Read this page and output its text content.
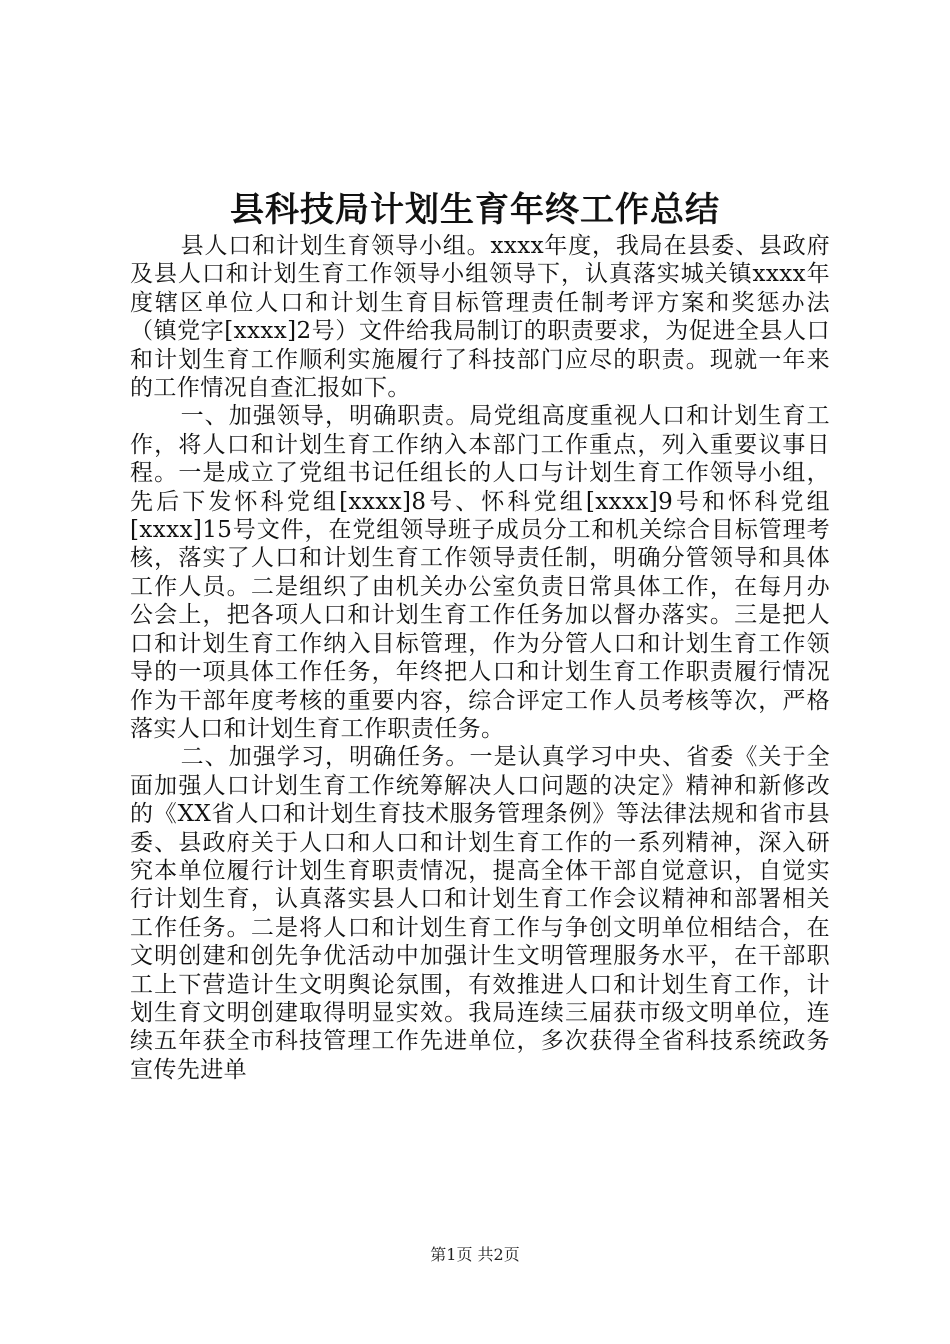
县科技局计划生育年终工作总结

县人口和计划生育领导小组。xxxx年度，我局在县委、县政府及县人口和计划生育工作领导小组领导下，认真落实城关镇xxxx年度辖区单位人口和计划生育目标管理责任制考评方案和奖惩办法（镇党字[xxxx]2号）文件给我局制订的职责要求，为促进全县人口和计划生育工作顺利实施履行了科技部门应尽的职责。现就一年来的工作情况自查汇报如下。

一、加强领导，明确职责。局党组高度重视人口和计划生育工作，将人口和计划生育工作纳入本部门工作重点，列入重要议事日程。一是成立了党组书记任组长的人口与计划生育工作领导小组，先后下发怀科党组[xxxx]8号、怀科党组[xxxx]9号和怀科党组[xxxx]15号文件，在党组领导班子成员分工和机关综合目标管理考核，落实了人口和计划生育工作领导责任制，明确分管领导和具体工作人员。二是组织了由机关办公室负责日常具体工作，在每月办公会上，把各项人口和计划生育工作任务加以督办落实。三是把人口和计划生育工作纳入目标管理，作为分管人口和计划生育工作领导的一项具体工作任务，年终把人口和计划生育工作职责履行情况作为干部年度考核的重要内容，综合评定工作人员考核等次，严格落实人口和计划生育工作职责任务。

二、加强学习，明确任务。一是认真学习中央、省委《关于全面加强人口计划生育工作统筹解决人口问题的决定》精神和新修改的《XX省人口和计划生育技术服务管理条例》等法律法规和省市县委、县政府关于人口和人口和计划生育工作的一系列精神，深入研究本单位履行计划生育职责情况，提高全体干部自觉意识，自觉实行计划生育，认真落实县人口和计划生育工作会议精神和部署相关工作任务。二是将人口和计划生育工作与争创文明单位相结合，在文明创建和创先争优活动中加强计生文明管理服务水平，在干部职工上下营造计生文明舆论氛围，有效推进人口和计划生育工作，计划生育文明创建取得明显实效。我局连续三届获市级文明单位，连续五年获全市科技管理工作先进单位，多次获得全省科技系统政务宣传先进单

第1页 共2页
